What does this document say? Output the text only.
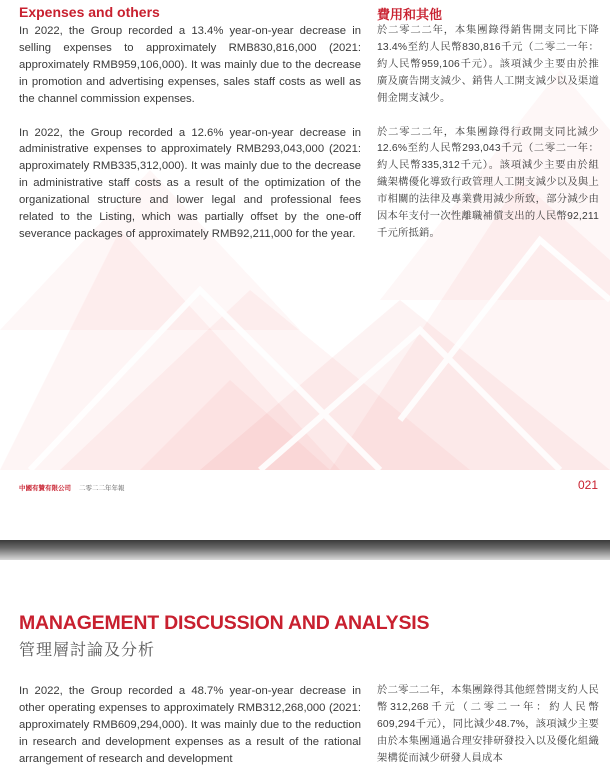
Expenses and others	費用和其他

In 2022, the Group recorded a 13.4% year-on-year decrease in selling expenses to approximately RMB830,816,000 (2021: approximately RMB959,106,000). It was mainly due to the decrease in promotion and advertising expenses, sales staff costs as well as the channel commission expenses.

In 2022, the Group recorded a 12.6% year-on-year decrease in administrative expenses to approximately RMB293,043,000 (2021: approximately RMB335,312,000). It was mainly due to the decrease in administrative staff costs as a result of the optimization of the organizational structure and lower legal and professional fees related to the Listing, which was partially offset by the one-off severance packages of approximately RMB92,211,000 for the year.

於二零二二年，本集團錄得銷售開支同比下降13.4%至約人民幣830,816千元（二零二一年：約人民幣959,106千元）。該項減少主要由於推廣及廣告開支減少、銷售人工開支減少以及渠道佣金開支減少。

於二零二二年，本集團錄得行政開支同比減少12.6%至約人民幣293,043千元（二零二一年：約人民幣335,312千元）。該項減少主要由於組織架構優化導致行政管理人工開支減少以及與上市相關的法律及專業費用減少所致，部分減少由因本年支付一次性離職補償支出的人民幣92,211千元所抵銷。

中國有贊有限公司 二零二二年年報	021
MANAGEMENT DISCUSSION AND ANALYSIS
管理層討論及分析

In 2022, the Group recorded a 48.7% year-on-year decrease in other operating expenses to approximately RMB312,268,000 (2021: approximately RMB609,294,000). It was mainly due to the reduction in research and development expenses as a result of the rational arrangement of research and development

於二零二二年，本集團錄得其他經營開支約人民幣312,268千元（二零二一年：約人民幣609,294千元），同比減少48.7%，該項減少主要由於本集團通過合理安排研發投入以及優化組織架構從而減少研發人員成本
